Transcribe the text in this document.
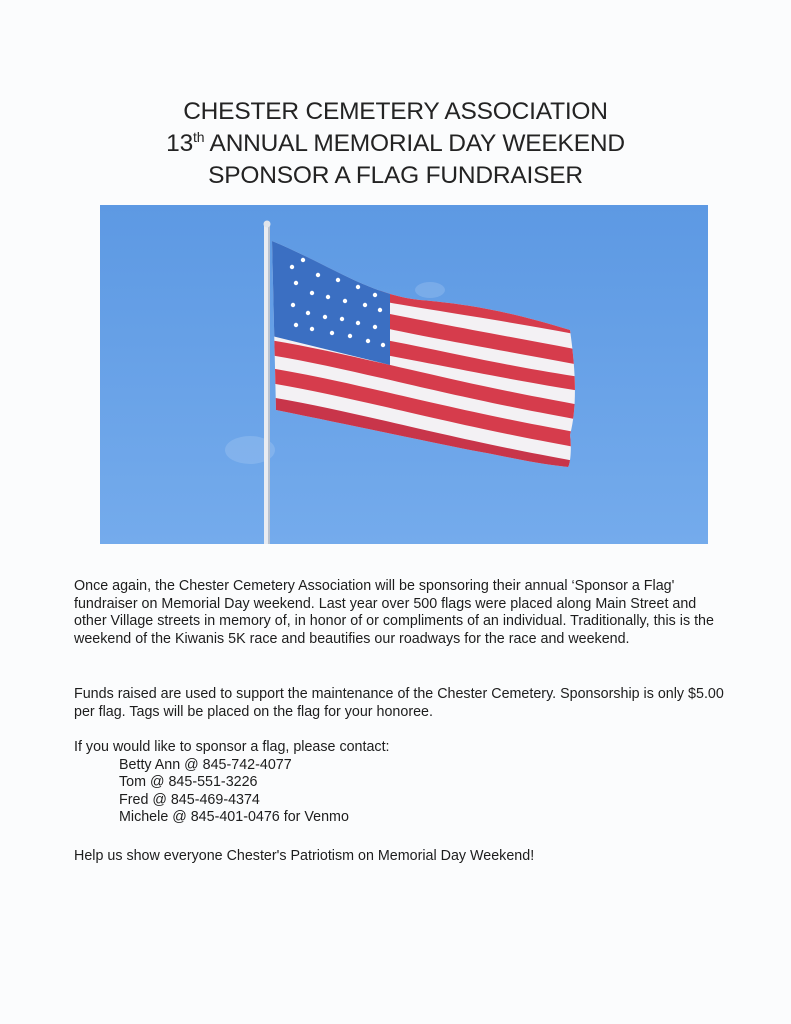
CHESTER CEMETERY ASSOCIATION
13th ANNUAL MEMORIAL DAY WEEKEND
SPONSOR A FLAG FUNDRAISER
Once again, the Chester Cemetery Association will be sponsoring their annual ‘Sponsor a Flag' fundraiser on Memorial Day weekend. Last year over 500 flags were placed along Main Street and other Village streets in memory of, in honor of or compliments of an individual. Traditionally, this is the weekend of the Kiwanis 5K race and beautifies our roadways for the race and weekend.
Funds raised are used to support the maintenance of the Chester Cemetery. Sponsorship is only $5.00 per flag. Tags will be placed on the flag for your honoree.
If you would like to sponsor a flag, please contact:
Betty Ann @ 845-742-4077
Tom @ 845-551-3226
Fred @ 845-469-4374
Michele @ 845-401-0476 for Venmo
Help us show everyone Chester's Patriotism on Memorial Day Weekend!
